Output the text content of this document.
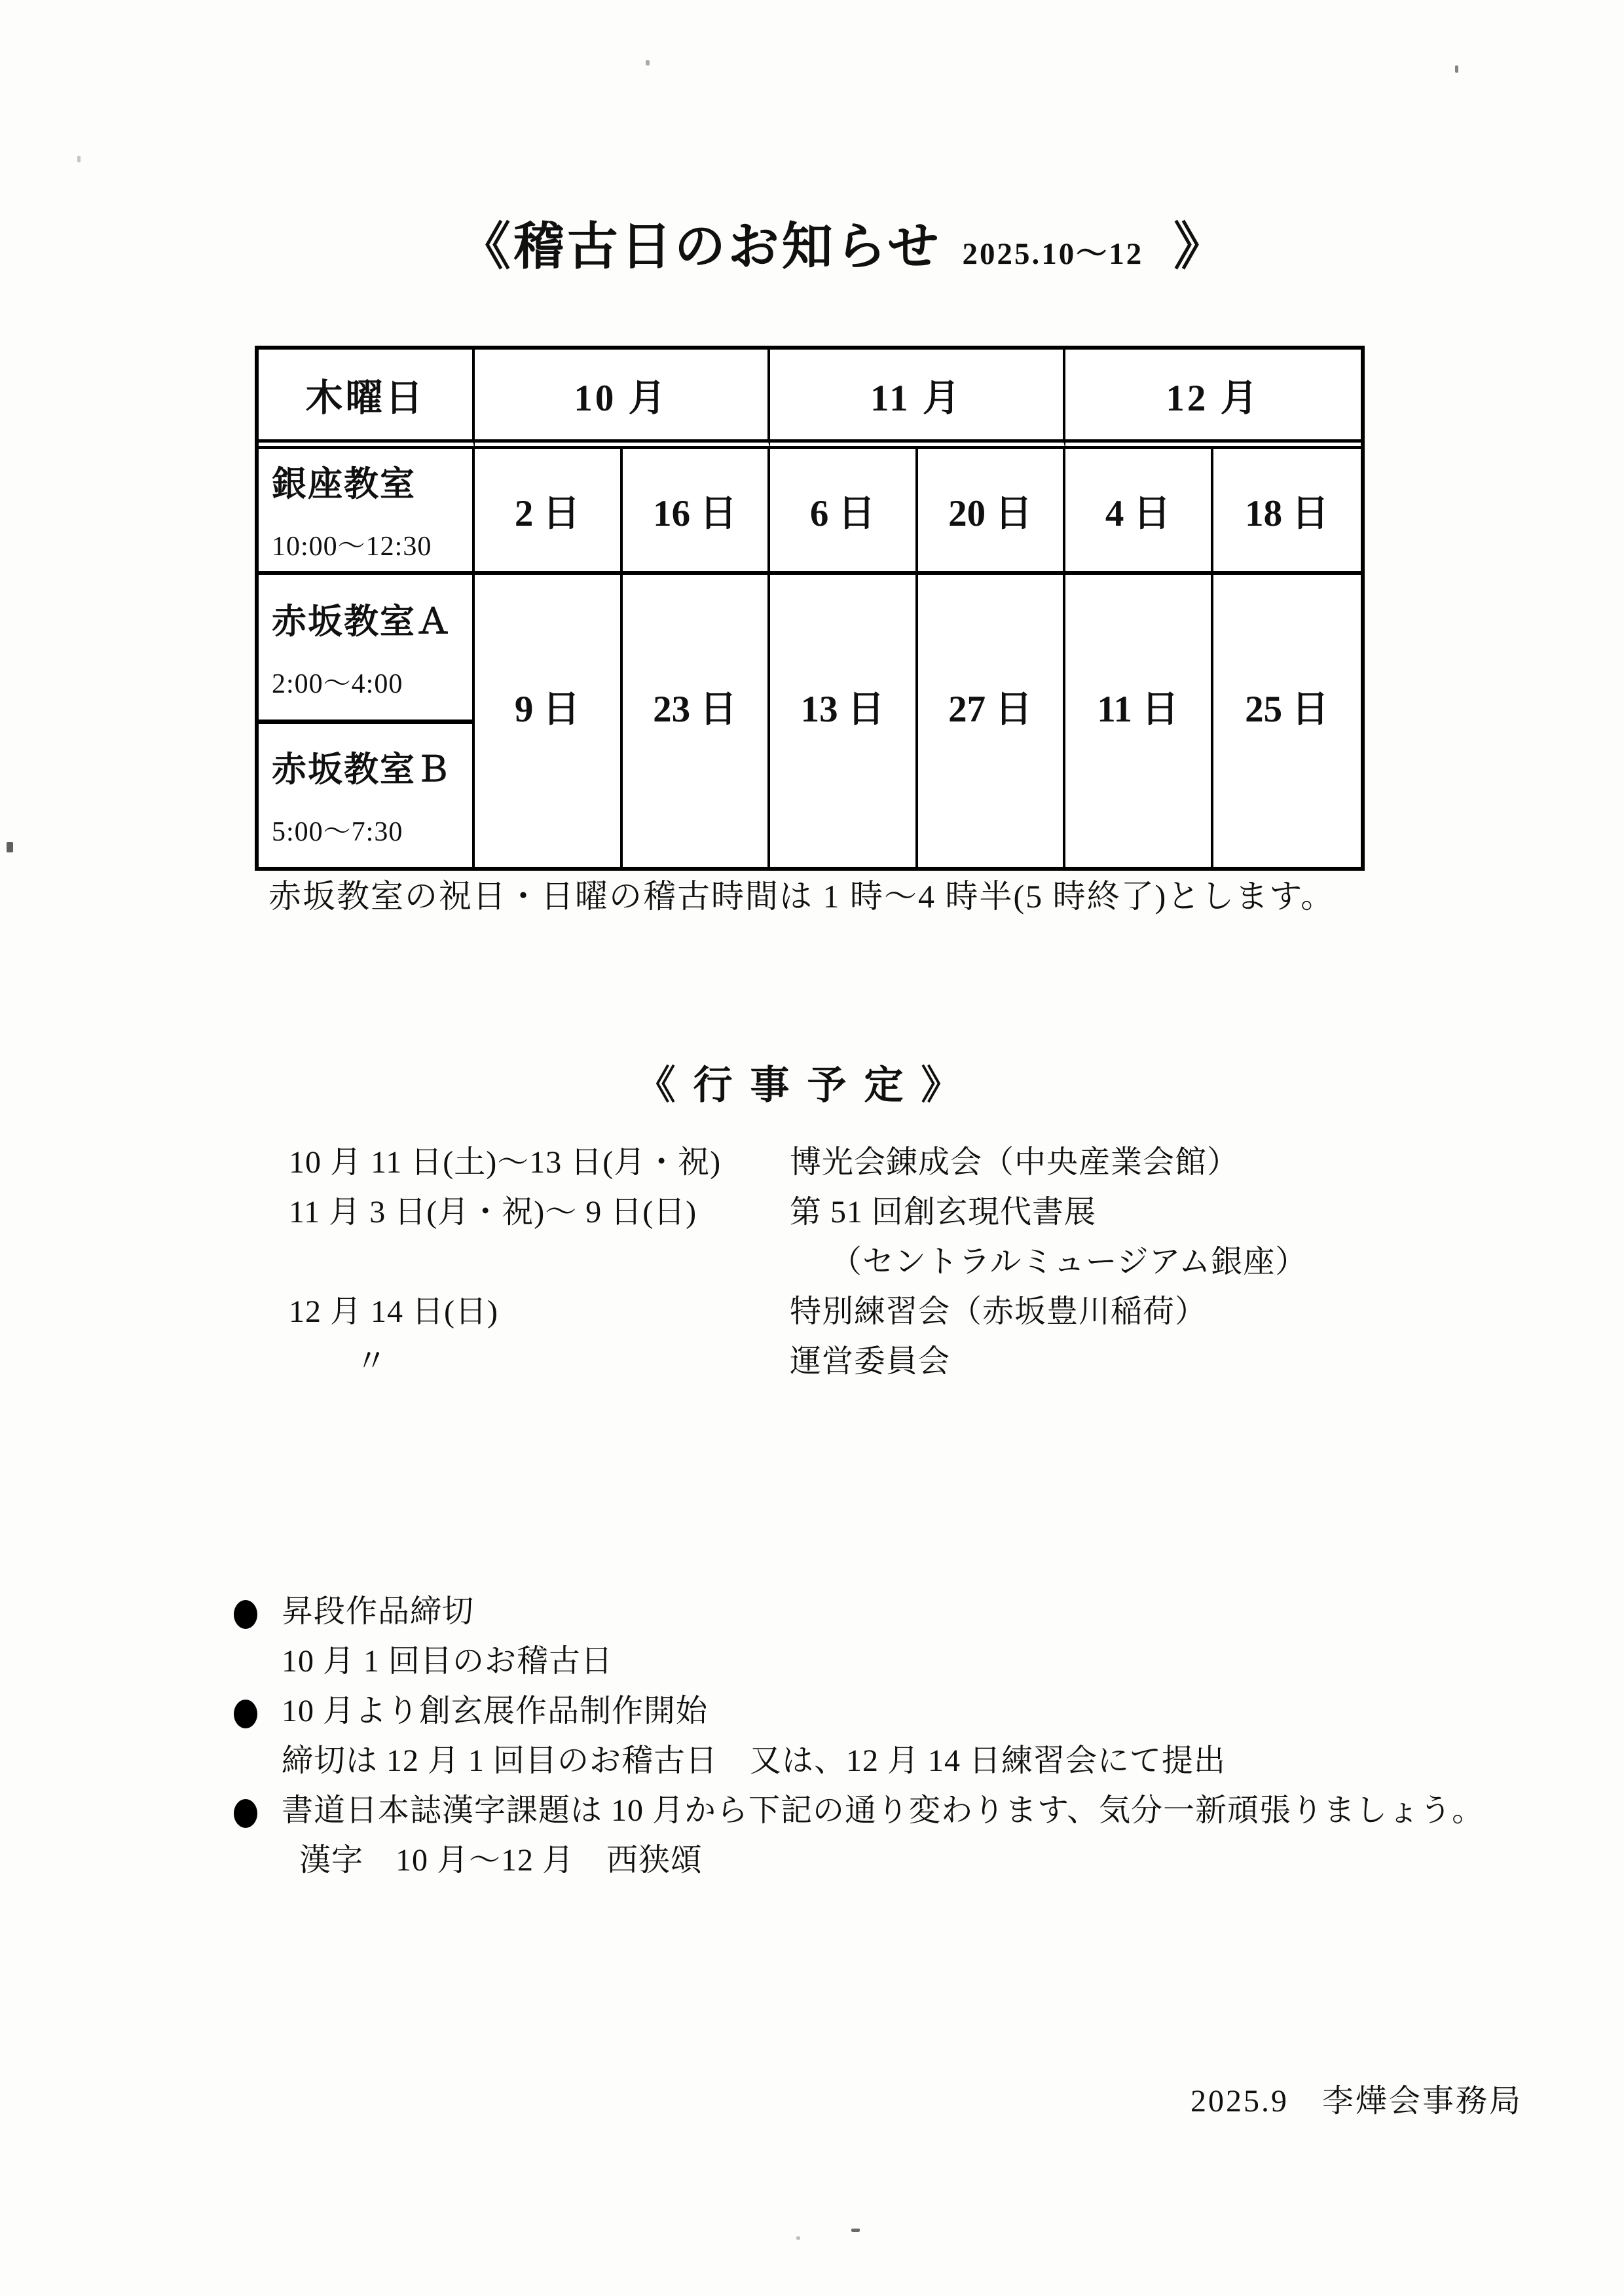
《稽古日のお知らせ 2025.10～12 》
木曜日	10 月	11 月	12 月
銀座教室
10:00～12:30
2 日	16 日	6 日	20 日	4 日	18 日
赤坂教室Ａ
2:00～4:00
9 日	23 日	13 日	27 日	11 日	25 日
赤坂教室Ｂ
5:00～7:30
赤坂教室の祝日・日曜の稽古時間は 1 時～4 時半(5 時終了)とします。
《 行 事 予 定 》
10 月 11 日(土)～13 日(月・祝) 博光会錬成会（中央産業会館）
11 月 3 日(月・祝)～ 9 日(日)	第 51 回創玄現代書展
（セントラルミュージアム銀座）
12 月 14 日(日)	特別練習会（赤坂豊川稲荷）
〃	運営委員会
昇段作品締切
10 月 1 回目のお稽古日
10 月より創玄展作品制作開始
締切は 12 月 1 回目のお稽古日　又は、12 月 14 日練習会にて提出
書道日本誌漢字課題は 10 月から下記の通り変わります、気分一新頑張りましょう。
漢字　10 月～12 月　西狭頌
2025.9　李燁会事務局
